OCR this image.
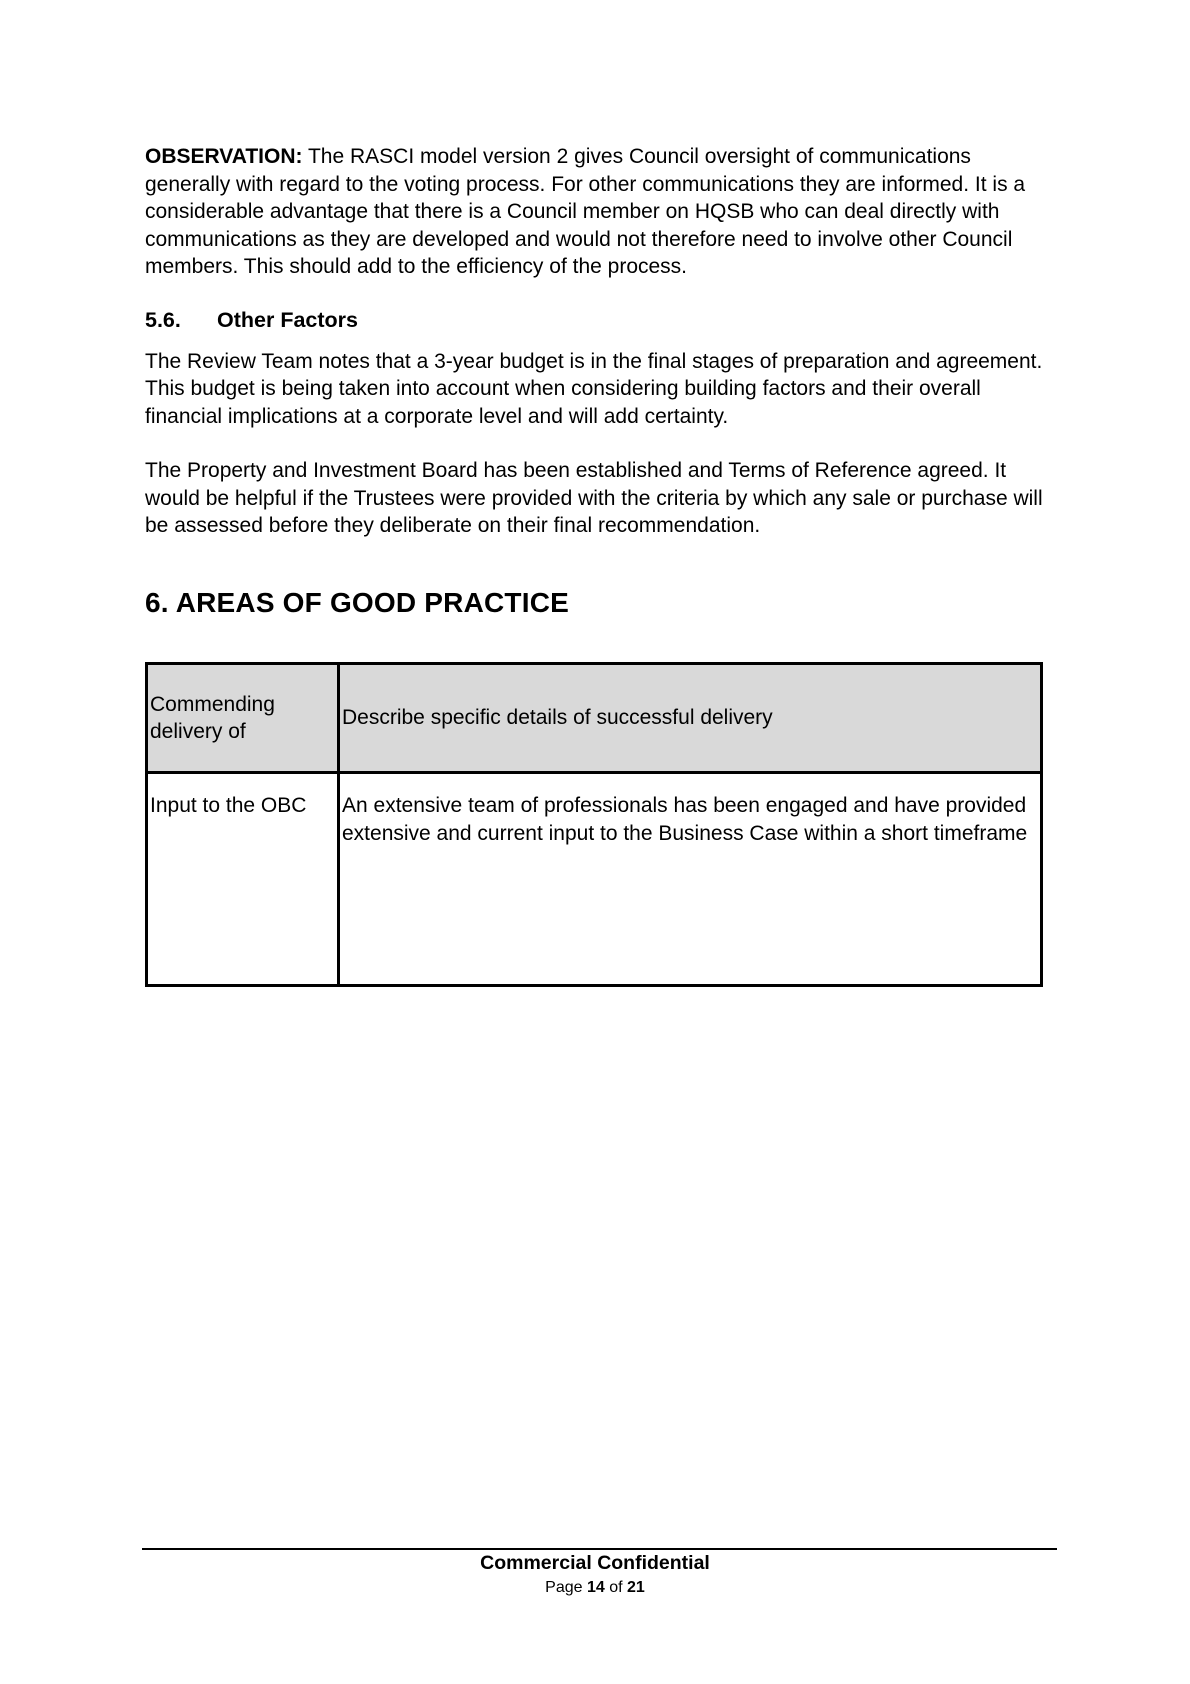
OBSERVATION: The RASCI model version 2 gives Council oversight of communications generally with regard to the voting process. For other communications they are informed. It is a considerable advantage that there is a Council member on HQSB who can deal directly with communications as they are developed and would not therefore need to involve other Council members. This should add to the efficiency of the process.

5.6.	Other Factors

The Review Team notes that a 3-year budget is in the final stages of preparation and agreement. This budget is being taken into account when considering building factors and their overall financial implications at a corporate level and will add certainty.

The Property and Investment Board has been established and Terms of Reference agreed. It would be helpful if the Trustees were provided with the criteria by which any sale or purchase will be assessed before they deliberate on their final recommendation.

6. AREAS OF GOOD PRACTICE
Commending delivery of	Describe specific details of successful delivery
Input to the OBC	An extensive team of professionals has been engaged and have provided extensive and current input to the Business Case within a short timeframe
Commercial Confidential
Page 14 of 21
